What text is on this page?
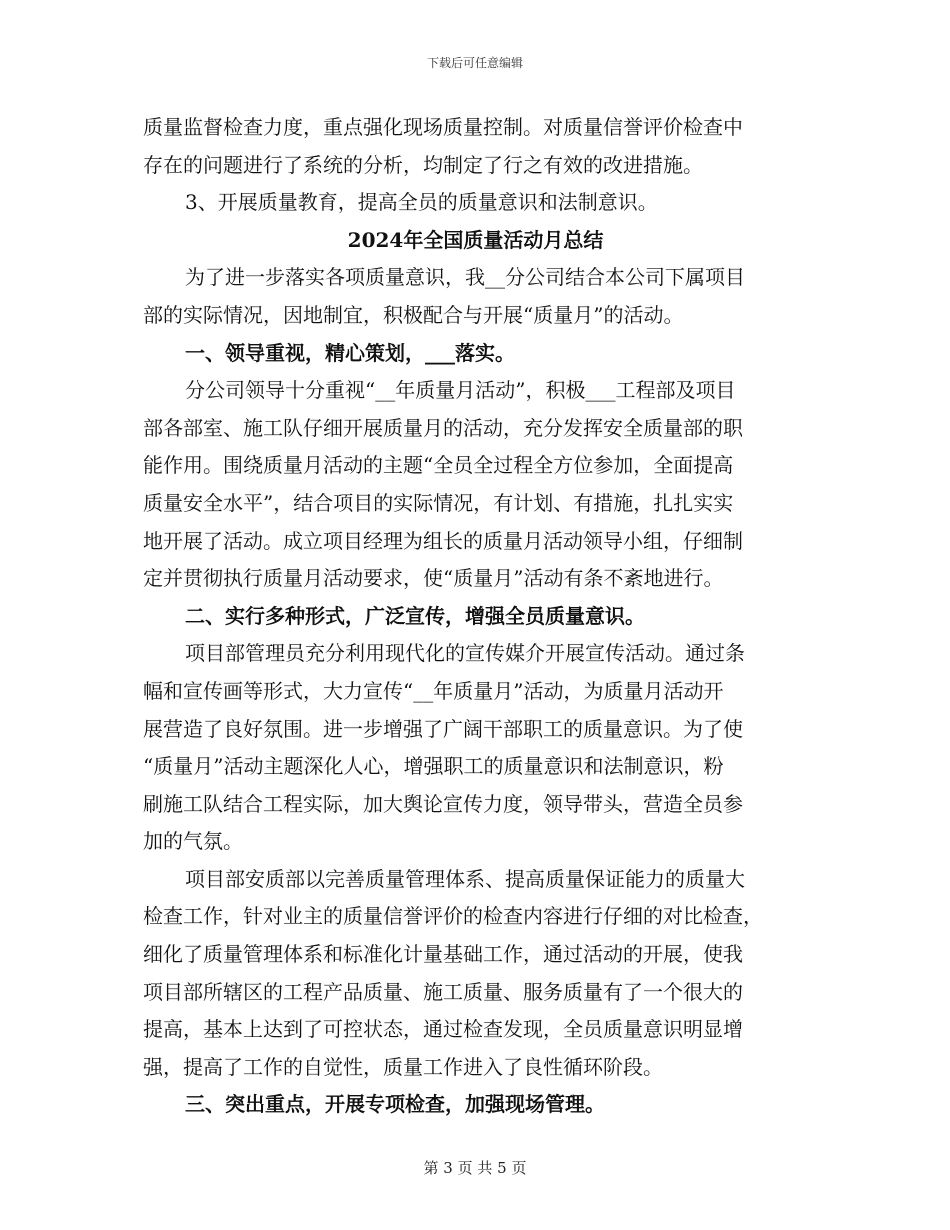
下载后可任意编辑
质量监督检查力度，重点强化现场质量控制。对质量信誉评价检查中
存在的问题进行了系统的分析，均制定了行之有效的改进措施。
3、开展质量教育，提高全员的质量意识和法制意识。
2024年全国质量活动月总结
为了进一步落实各项质量意识，我__分公司结合本公司下属项目
部的实际情况，因地制宜，积极配合与开展“质量月”的活动。
一、领导重视，精心策划，___落实。
分公司领导十分重视“__年质量月活动”，积极___工程部及项目
部各部室、施工队仔细开展质量月的活动，充分发挥安全质量部的职
能作用。围绕质量月活动的主题“全员全过程全方位参加，全面提高
质量安全水平”，结合项目的实际情况，有计划、有措施，扎扎实实
地开展了活动。成立项目经理为组长的质量月活动领导小组，仔细制
定并贯彻执行质量月活动要求，使“质量月”活动有条不紊地进行。
二、实行多种形式，广泛宣传，增强全员质量意识。
项目部管理员充分利用现代化的宣传媒介开展宣传活动。通过条
幅和宣传画等形式，大力宣传“__年质量月”活动，为质量月活动开
展营造了良好氛围。进一步增强了广阔干部职工的质量意识。为了使
“质量月”活动主题深化人心，增强职工的质量意识和法制意识，粉
刷施工队结合工程实际，加大舆论宣传力度，领导带头，营造全员参
加的气氛。
项目部安质部以完善质量管理体系、提高质量保证能力的质量大
检查工作，针对业主的质量信誉评价的检查内容进行仔细的对比检查，
细化了质量管理体系和标准化计量基础工作，通过活动的开展，使我
项目部所辖区的工程产品质量、施工质量、服务质量有了一个很大的
提高，基本上达到了可控状态，通过检查发现，全员质量意识明显增
强，提高了工作的自觉性，质量工作进入了良性循环阶段。
三、突出重点，开展专项检查，加强现场管理。
第 3 页 共 5 页
